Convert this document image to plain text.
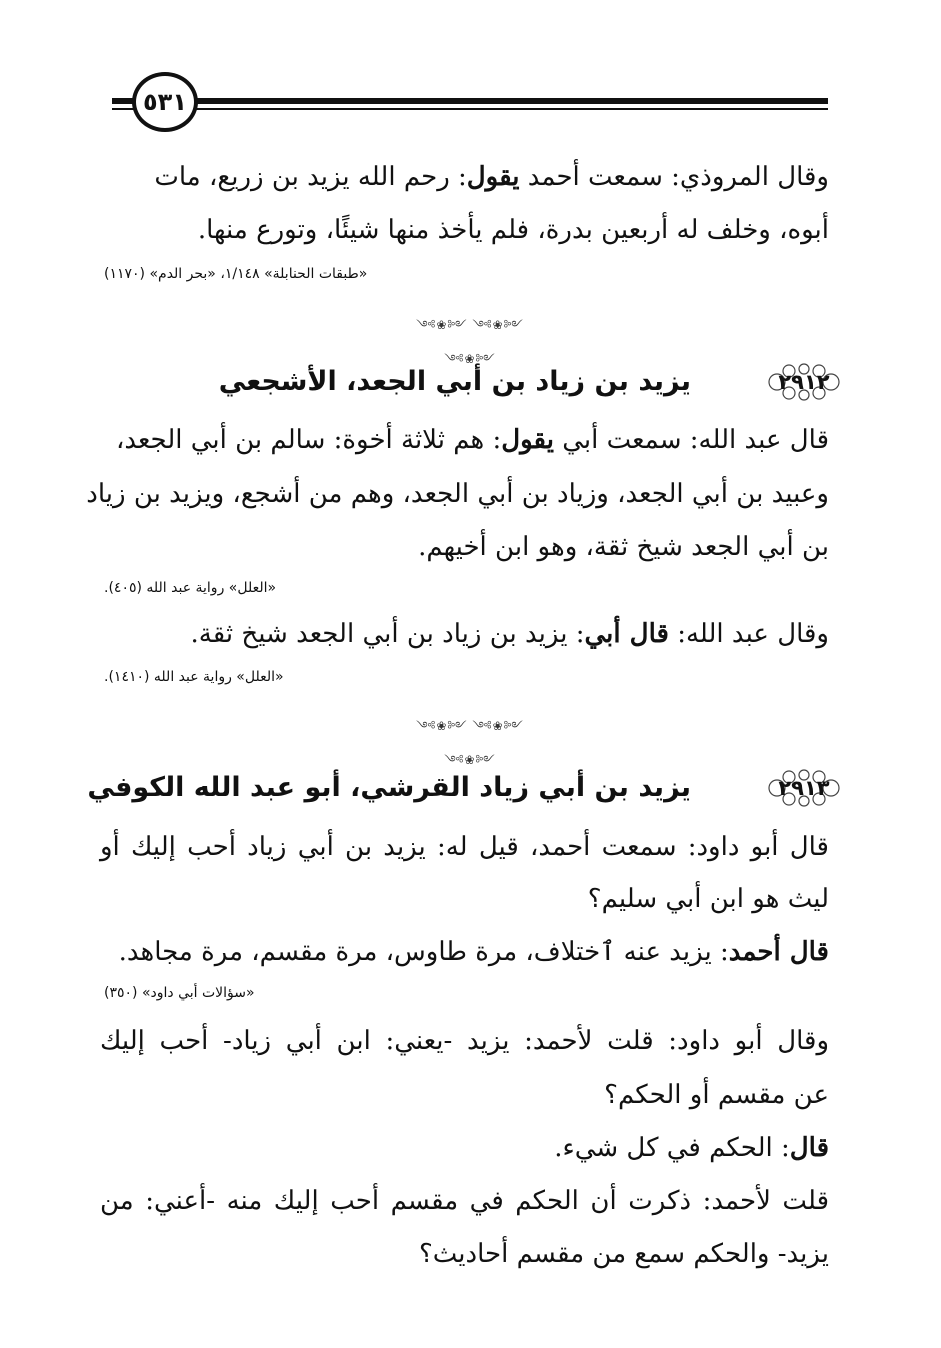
٥٣١
وقال المروذي: سمعت أحمد يقول: رحم الله يزيد بن زريع، مات
أبوه، وخلف له أربعين بدرة، فلم يأخذ منها شيئًا، وتورع منها.
«طبقات الحنابلة» ١/١٤٨، «بحر الدم» (١١٧٠)
༺❀༻ ༺❀༻ ༺❀༻
٢٩١٢
يزيد بن زياد بن أبي الجعد، الأشجعي
قال عبد الله: سمعت أبي يقول: هم ثلاثة أخوة: سالم بن أبي الجعد،
وعبيد بن أبي الجعد، وزياد بن أبي الجعد، وهم من أشجع، ويزيد بن زياد
بن أبي الجعد شيخ ثقة، وهو ابن أخيهم.
«العلل» رواية عبد الله (٤٠٥).
وقال عبد الله: قال أبي: يزيد بن زياد بن أبي الجعد شيخ ثقة.
«العلل» رواية عبد الله (١٤١٠).
༺❀༻ ༺❀༻ ༺❀༻
٢٩١٣
يزيد بن أبي زياد القرشي، أبو عبد الله الكوفي
قال أبو داود: سمعت أحمد، قيل له: يزيد بن أبي زياد أحب إليك أو
ليث هو ابن أبي سليم؟
قال أحمد: يزيد عنه ٱختلاف، مرة طاوس، مرة مقسم، مرة مجاهد.
«سؤالات أبي داود» (٣٥٠)
وقال أبو داود: قلت لأحمد: يزيد -يعني: ابن أبي زياد- أحب إليك
عن مقسم أو الحكم؟
قال: الحكم في كل شيء.
قلت لأحمد: ذكرت أن الحكم في مقسم أحب إليك منه -أعني: من
يزيد- والحكم سمع من مقسم أحاديث؟
